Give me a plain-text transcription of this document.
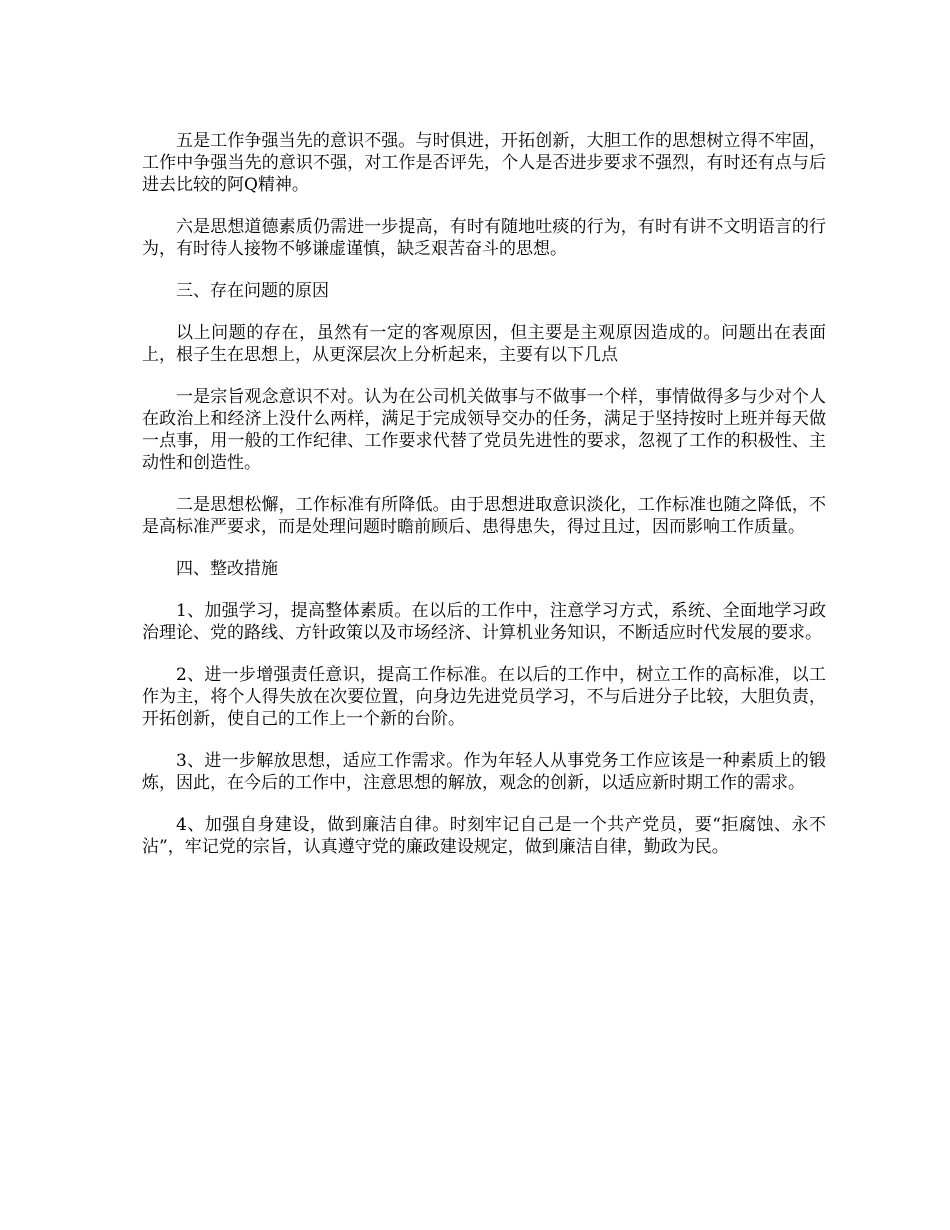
五是工作争强当先的意识不强。与时俱进，开拓创新，大胆工作的思想树立得不牢固，工作中争强当先的意识不强，对工作是否评先，个人是否进步要求不强烈，有时还有点与后进去比较的阿Q精神。

六是思想道德素质仍需进一步提高，有时有随地吐痰的行为，有时有讲不文明语言的行为，有时待人接物不够谦虚谨慎，缺乏艰苦奋斗的思想。

三、存在问题的原因

以上问题的存在，虽然有一定的客观原因，但主要是主观原因造成的。问题出在表面上，根子生在思想上，从更深层次上分析起来，主要有以下几点

一是宗旨观念意识不对。认为在公司机关做事与不做事一个样，事情做得多与少对个人在政治上和经济上没什么两样，满足于完成领导交办的任务，满足于坚持按时上班并每天做一点事，用一般的工作纪律、工作要求代替了党员先进性的要求，忽视了工作的积极性、主动性和创造性。

二是思想松懈，工作标准有所降低。由于思想进取意识淡化，工作标准也随之降低，不是高标准严要求，而是处理问题时瞻前顾后、患得患失，得过且过，因而影响工作质量。

四、整改措施

1、加强学习，提高整体素质。在以后的工作中，注意学习方式，系统、全面地学习政治理论、党的路线、方针政策以及市场经济、计算机业务知识，不断适应时代发展的要求。

2、进一步增强责任意识，提高工作标准。在以后的工作中，树立工作的高标准，以工作为主，将个人得失放在次要位置，向身边先进党员学习，不与后进分子比较，大胆负责，开拓创新，使自己的工作上一个新的台阶。

3、进一步解放思想，适应工作需求。作为年轻人从事党务工作应该是一种素质上的锻炼，因此，在今后的工作中，注意思想的解放，观念的创新，以适应新时期工作的需求。

4、加强自身建设，做到廉洁自律。时刻牢记自己是一个共产党员，要“拒腐蚀、永不沾”，牢记党的宗旨，认真遵守党的廉政建设规定，做到廉洁自律，勤政为民。
